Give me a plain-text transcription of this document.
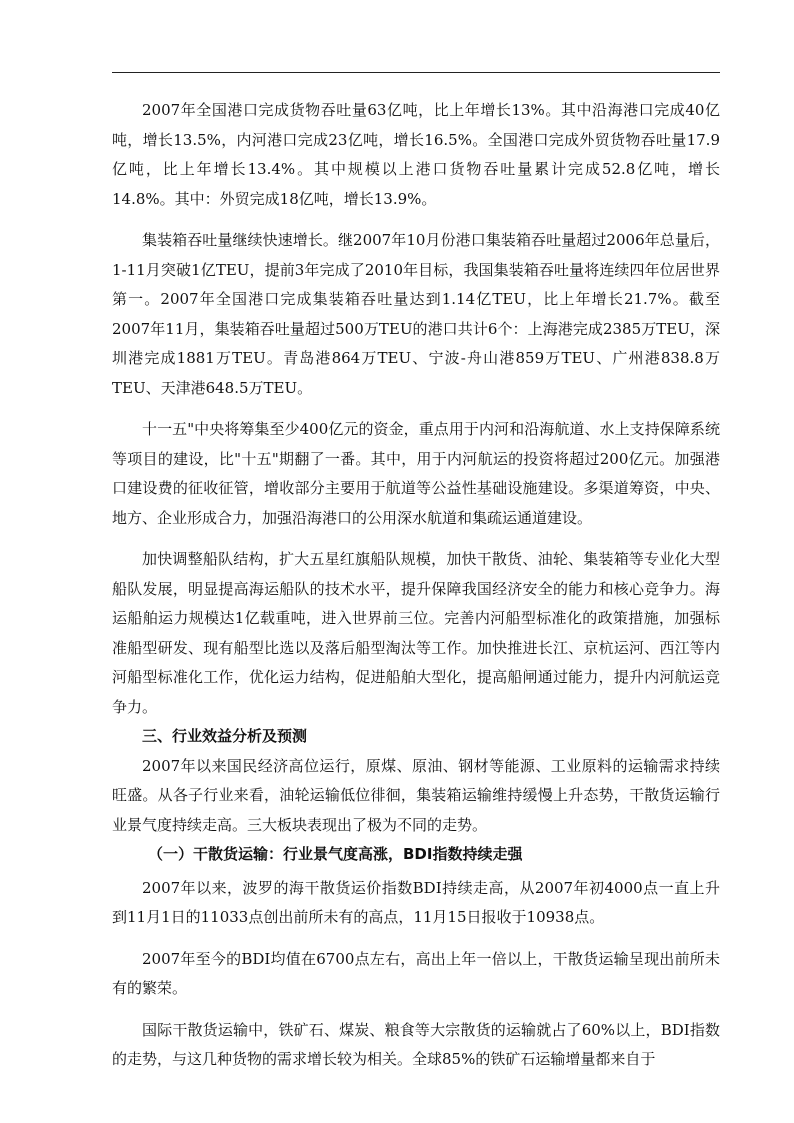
2007年全国港口完成货物吞吐量63亿吨，比上年增长13%。其中沿海港口完成40亿吨，增长13.5%，内河港口完成23亿吨，增长16.5%。全国港口完成外贸货物吞吐量17.9亿吨，比上年增长13.4%。其中规模以上港口货物吞吐量累计完成52.8亿吨，增长14.8%。其中：外贸完成18亿吨，增长13.9%。

集装箱吞吐量继续快速增长。继2007年10月份港口集装箱吞吐量超过2006年总量后，1-11月突破1亿TEU，提前3年完成了2010年目标，我国集装箱吞吐量将连续四年位居世界第一。2007年全国港口完成集装箱吞吐量达到1.14亿TEU，比上年增长21.7%。截至2007年11月，集装箱吞吐量超过500万TEU的港口共计6个：上海港完成2385万TEU，深圳港完成1881万TEU。青岛港864万TEU、宁波-舟山港859万TEU、广州港838.8万TEU、天津港648.5万TEU。

十一五"中央将筹集至少400亿元的资金，重点用于内河和沿海航道、水上支持保障系统等项目的建设，比"十五"期翻了一番。其中，用于内河航运的投资将超过200亿元。加强港口建设费的征收征管，增收部分主要用于航道等公益性基础设施建设。多渠道筹资，中央、地方、企业形成合力，加强沿海港口的公用深水航道和集疏运通道建设。

加快调整船队结构，扩大五星红旗船队规模，加快干散货、油轮、集装箱等专业化大型船队发展，明显提高海运船队的技术水平，提升保障我国经济安全的能力和核心竞争力。海运船舶运力规模达1亿载重吨，进入世界前三位。完善内河船型标准化的政策措施，加强标准船型研发、现有船型比选以及落后船型淘汰等工作。加快推进长江、京杭运河、西江等内河船型标准化工作，优化运力结构，促进船舶大型化，提高船闸通过能力，提升内河航运竞争力。

三、行业效益分析及预测

2007年以来国民经济高位运行，原煤、原油、钢材等能源、工业原料的运输需求持续旺盛。从各子行业来看，油轮运输低位徘徊，集装箱运输维持缓慢上升态势，干散货运输行业景气度持续走高。三大板块表现出了极为不同的走势。

（一）干散货运输：行业景气度高涨，BDI指数持续走强

2007年以来，波罗的海干散货运价指数BDI持续走高，从2007年初4000点一直上升到11月1日的11033点创出前所未有的高点，11月15日报收于10938点。

2007年至今的BDI均值在6700点左右，高出上年一倍以上，干散货运输呈现出前所未有的繁荣。

国际干散货运输中，铁矿石、煤炭、粮食等大宗散货的运输就占了60%以上，BDI指数的走势，与这几种货物的需求增长较为相关。全球85%的铁矿石运输增量都来自于
